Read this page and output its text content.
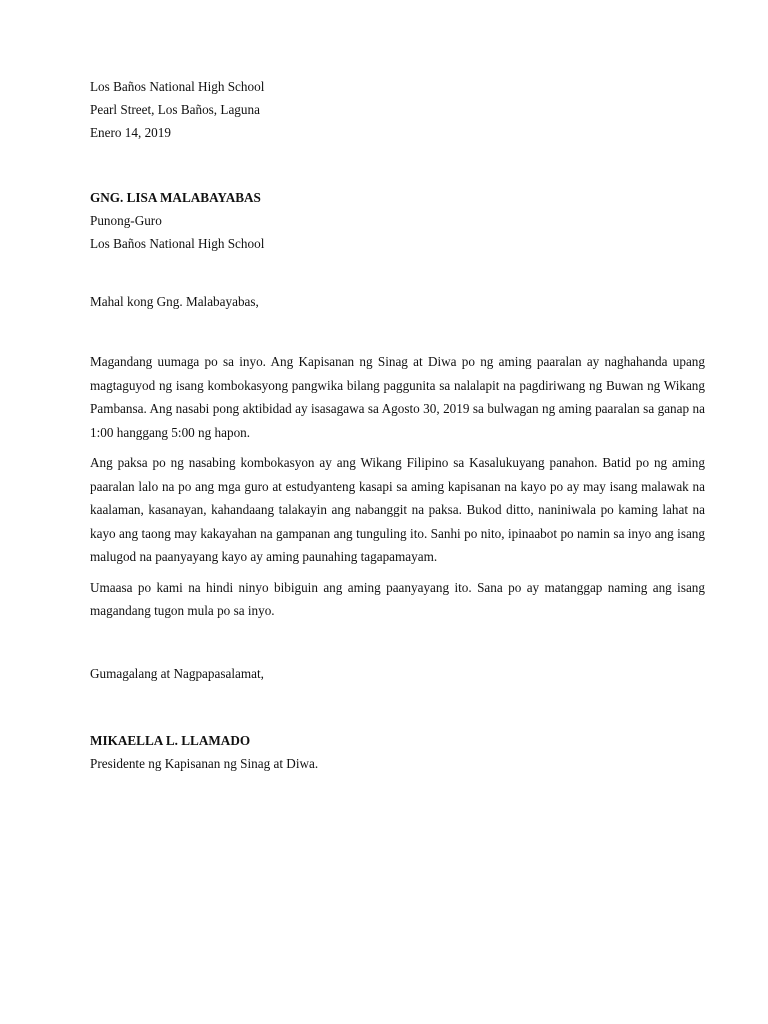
Los Baños National High School
Pearl Street, Los Baños, Laguna
Enero 14, 2019
GNG. LISA MALABAYABAS
Punong-Guro
Los Baños National High School
Mahal kong Gng. Malabayabas,

Magandang uumaga po sa inyo. Ang Kapisanan ng Sinag at Diwa po ng aming paaralan ay naghahanda upang magtaguyod ng isang kombokasyong pangwika bilang paggunita sa nalalapit na pagdiriwang ng Buwan ng Wikang Pambansa. Ang nasabi pong aktibidad ay isasagawa sa Agosto 30, 2019 sa bulwagan ng aming paaralan sa ganap na 1:00 hanggang 5:00 ng hapon.

Ang paksa po ng nasabing kombokasyon ay ang Wikang Filipino sa Kasalukuyang panahon. Batid po ng aming paaralan lalo na po ang mga guro at estudyanteng kasapi sa aming kapisanan na kayo po ay may isang malawak na kaalaman, kasanayan, kahandaang talakayin ang nabanggit na paksa. Bukod ditto, naniniwala po kaming lahat na kayo ang taong may kakayahan na gampanan ang tunguling ito. Sanhi po nito, ipinaabot po namin sa inyo ang isang malugod na paanyayang kayo ay aming paunahing tagapamayam.

Umaasa po kami na hindi ninyo bibiguin ang aming paanyayang ito. Sana po ay matanggap naming ang isang magandang tugon mula po sa inyo.

Gumagalang at Nagpapasalamat,
MIKAELLA L. LLAMADO
Presidente ng Kapisanan ng Sinag at Diwa.
